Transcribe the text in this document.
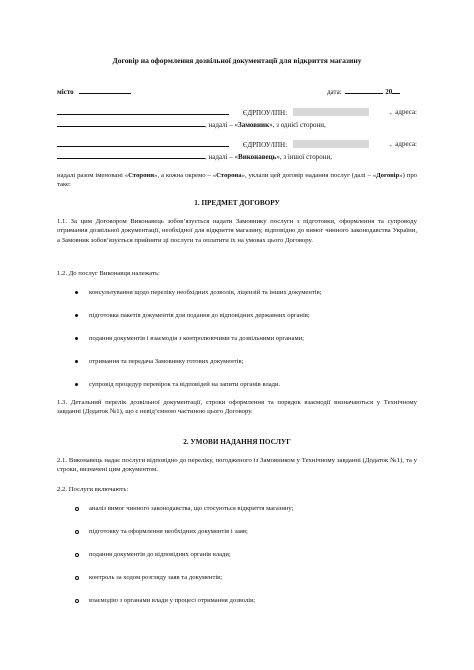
Договір на оформлення дозвільної документації для відкриття магазину
місто	дата:	20
ЄДРПОУ/ІПН:	,  адреса:
, надалі – «Замовник», з однієї сторони,
ЄДРПОУ/ІПН:	,  адреса:
, надалі – «Виконавець», з іншої сторони,
надалі разом іменовані «Сторони», а кожна окремо – «Сторона», уклали цей договір надання послуг (далі – «Договір») про таке:
1. ПРЕДМЕТ ДОГОВОРУ
1.1. За цим Договором Виконавець зобов’язується надати Замовнику послуги з підготовки, оформлення та супроводу отримання дозвільної документації, необхідної для відкриття магазину, відповідно до вимог чинного законодавства України, а Замовник зобов’язується прийняти ці послуги та оплатити їх на умовах цього Договору.
1.2. До послуг Виконавця належать:
консультування щодо переліку необхідних дозволів, ліцензій та інших документів;
підготовка пакетів документів для подання до відповідних державних органів;
подання документів і взаємодія з контролюючими та дозвільними органами;
отримання та передача Замовнику готових документів;
супровід процедур перевірок та відповідей на запити органів влади.
1.3. Детальний перелік дозвільної документації, строки оформлення та порядок взаємодії визначаються у Технічному завданні (Додаток №1), що є невід’ємною частиною цього Договору.
2. УМОВИ НАДАННЯ ПОСЛУГ
2.1. Виконавець надає послуги відповідно до переліку, погодженого із Замовником у Технічному завданні (Додаток №1), та у строки, визначені цим документом.
2.2. Послуги включають:
аналіз вимог чинного законодавства, що стосуються відкриття магазину;
підготовку та оформлення необхідних документів і заяв;
подання документів до відповідних органів влади;
контроль за ходом розгляду заяв та документів;
взаємодію з органами влади у процесі отримання дозволів;
